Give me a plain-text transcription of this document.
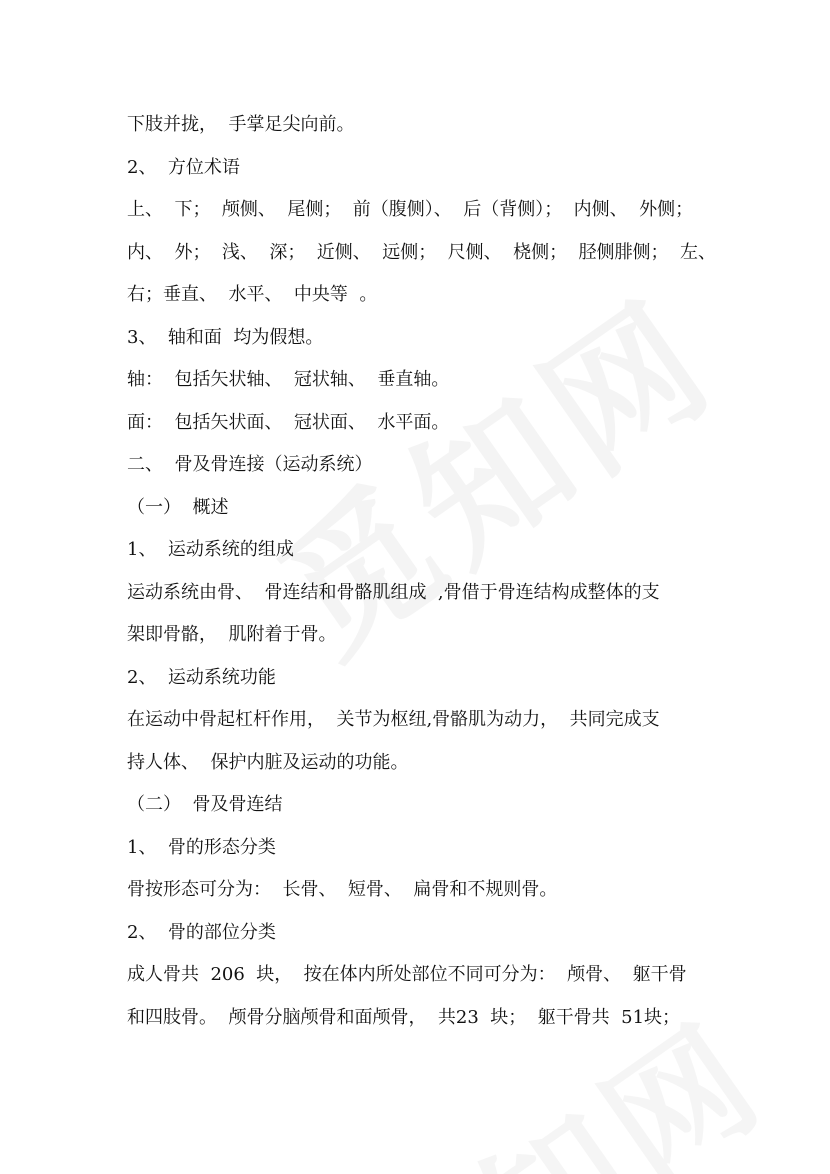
下肢并拢，  手掌足尖向前。
2、  方位术语
上、  下；  颅侧、  尾侧；  前（腹侧）、  后（背侧）；  内侧、  外侧；
内、  外；  浅、  深；  近侧、  远侧；  尺侧、  桡侧；  胫侧腓侧；  左、
右；垂直、  水平、  中央等  。
3、  轴和面  均为假想。
轴：  包括矢状轴、  冠状轴、  垂直轴。
面：  包括矢状面、  冠状面、  水平面。
二、  骨及骨连接（运动系统）
（一）  概述
1、  运动系统的组成
运动系统由骨、  骨连结和骨骼肌组成  ,骨借于骨连结构成整体的支
架即骨骼，  肌附着于骨。
2、  运动系统功能
在运动中骨起杠杆作用，  关节为枢纽,骨骼肌为动力，  共同完成支
持人体、  保护内脏及运动的功能。
（二）  骨及骨连结
1、  骨的形态分类
骨按形态可分为：  长骨、  短骨、  扁骨和不规则骨。
2、  骨的部位分类
成人骨共  206  块，  按在体内所处部位不同可分为：  颅骨、  躯干骨
和四肢骨。  颅骨分脑颅骨和面颅骨，  共23  块；  躯干骨共  51块；
